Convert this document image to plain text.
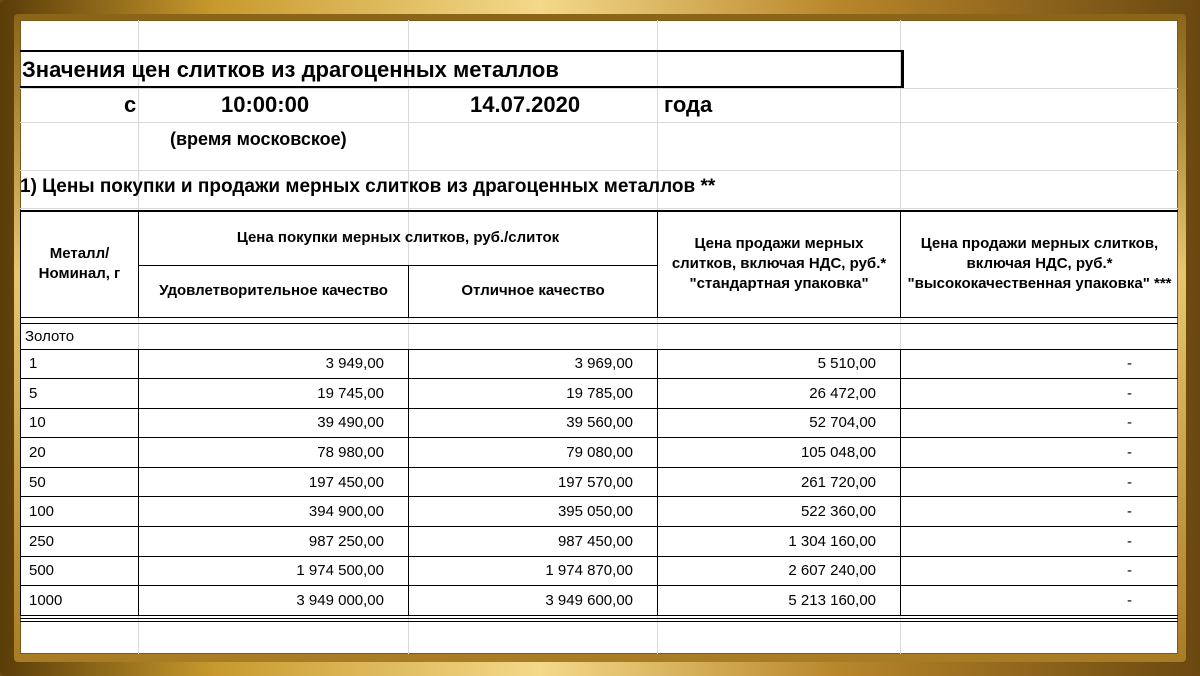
Значения цен слитков из драгоценных металлов
с	10:00:00	14.07.2020	года
(время московское)
1) Цены покупки и продажи мерных слитков из драгоценных металлов **
Металл/ Номинал, г	Цена покупки мерных слитков, руб./слиток		Цена продажи мерных слитков, включая НДС, руб.* "стандартная упаковка"	Цена продажи мерных слитков, включая НДС, руб.* "высококачественная упаковка" ***
	Удовлетворительное качество	Отличное качество		

Золото				
1	3 949,00	3 969,00	5 510,00	-
5	19 745,00	19 785,00	26 472,00	-
10	39 490,00	39 560,00	52 704,00	-
20	78 980,00	79 080,00	105 048,00	-
50	197 450,00	197 570,00	261 720,00	-
100	394 900,00	395 050,00	522 360,00	-
250	987 250,00	987 450,00	1 304 160,00	-
500	1 974 500,00	1 974 870,00	2 607 240,00	-
1000	3 949 000,00	3 949 600,00	5 213 160,00	-
